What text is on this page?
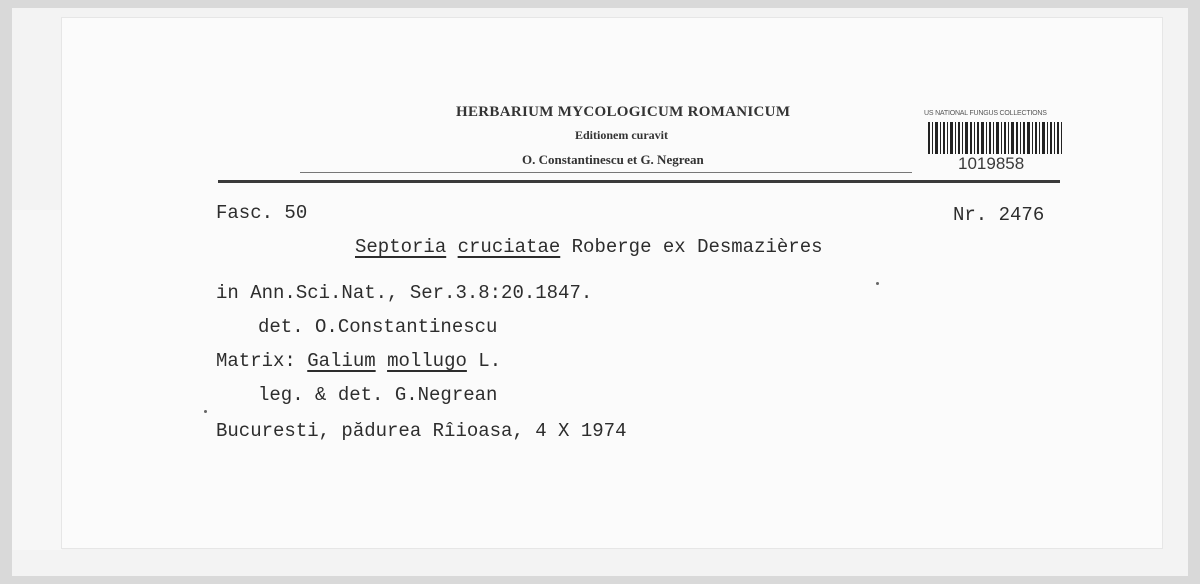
HERBARIUM MYCOLOGICUM ROMANICUM
Editionem curavit
O. Constantinescu et G. Negrean
US NATIONAL FUNGUS COLLECTIONS
1019858
Fasc. 50	Nr. 2476
Septoria cruciatae Roberge ex Desmazières
in Ann.Sci.Nat., Ser.3.8:20.1847.
det. O.Constantinescu
Matrix: Galium mollugo L.
leg. & det. G.Negrean
Bucuresti, pădurea Rîioasa, 4 X 1974
